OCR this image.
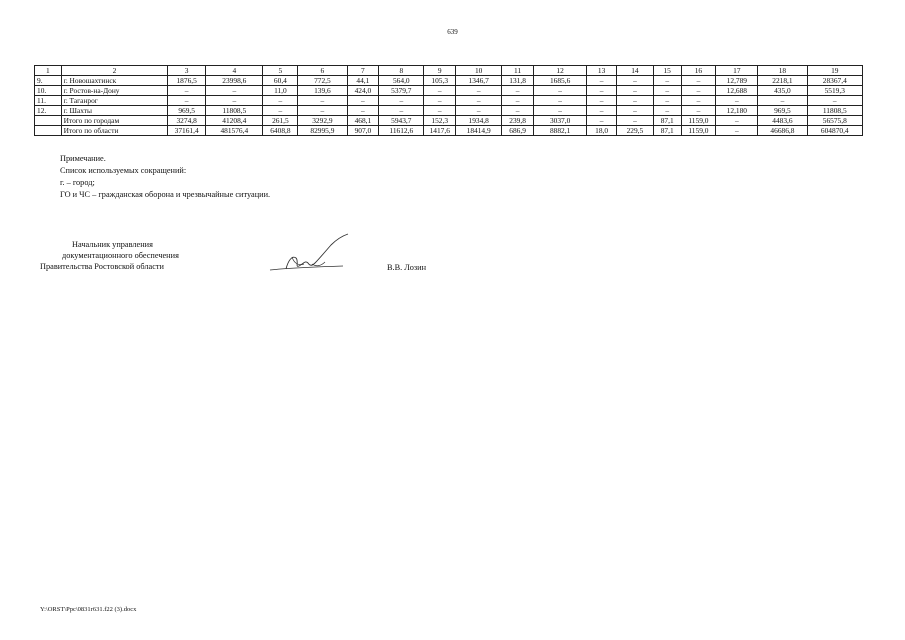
639
1	2	3	4	5	6	7	8	9	10	11	12	13	14	15	16	17	18	19
9.	г. Новошахтинск	1876,5	23998,6	60,4	772,5	44,1	564,0	105,3	1346,7	131,8	1685,6	–	–	–	–	12,789	2218,1	28367,4
10.	г. Ростов-на-Дону	–	–	11,0	139,6	424,0	5379,7	–	–	–	–	–	–	–	–	12,688	435,0	5519,3
11.	г. Таганрог	–	–	–	–	–	–	–	–	–	–	–	–	–	–	–	–	–
12.	г. Шахты	969,5	11808,5	–	–	–	–	–	–	–	–	–	–	–	–	12,180	969,5	11808,5
	Итого по городам	3274,8	41208,4	261,5	3292,9	468,1	5943,7	152,3	1934,8	239,8	3037,0	–	–	87,1	1159,0	–	4483,6	56575,8
	Итого по области	37161,4	481576,4	6408,8	82995,9	907,0	11612,6	1417,6	18414,9	686,9	8882,1	18,0	229,5	87,1	1159,0	–	46686,8	604870,4
Примечание.
Список используемых сокращений:
г. – город;
ГО и ЧС – гражданская оборона и чрезвычайные ситуации.
Начальник управления
документационного обеспечения
Правительства Ростовской области	В.В. Лозин
Y:\ORST\Ppc\0831r631.f22 (3).docx
